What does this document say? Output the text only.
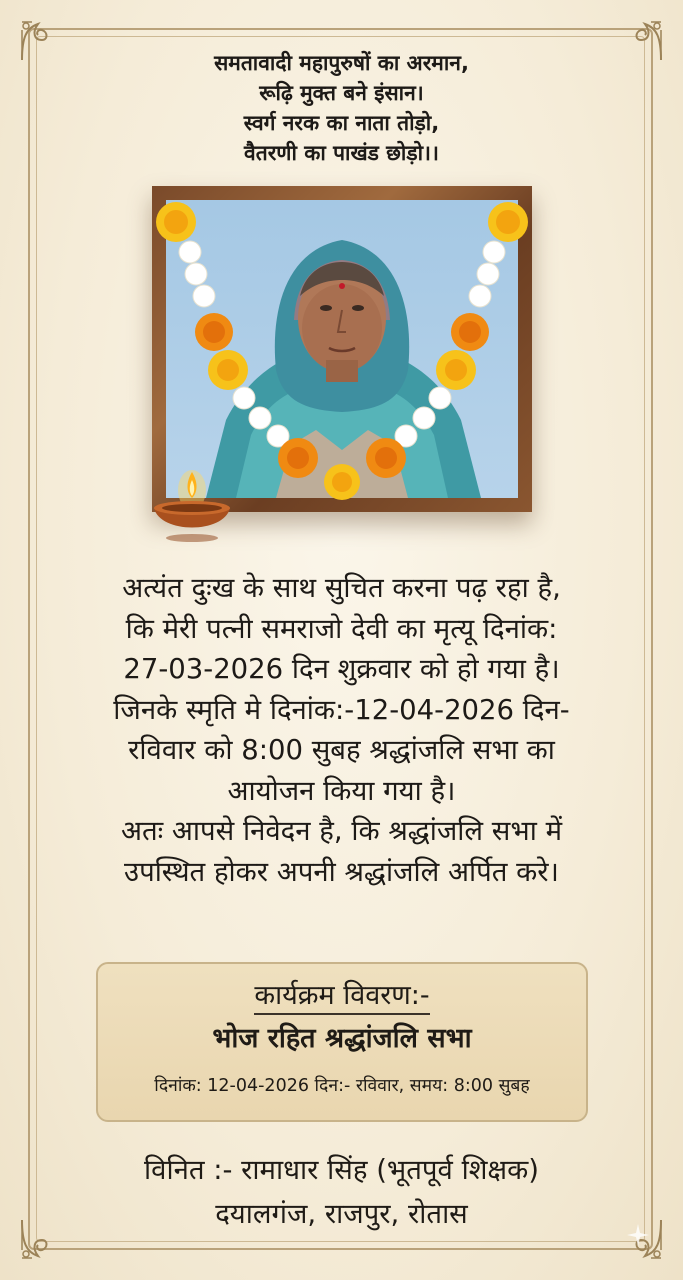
समतावादी महापुरुषों का अरमान,
रूढ़ि मुक्त बने इंसान।
स्वर्ग नरक का नाता तोड़ो,
वैतरणी का पाखंड छोड़ो।।
अत्यंत दुःख के साथ सुचित करना पढ़ रहा है,
कि मेरी पत्नी समराजो देवी का मृत्यू दिनांक:
27-03-2026 दिन शुक्रवार को हो गया है।
जिनके स्मृति मे दिनांक:-12-04-2026 दिन-
रविवार को 8:00 सुबह श्रद्धांजलि सभा का
आयोजन किया गया है।
अतः आपसे निवेदन है, कि श्रद्धांजलि सभा में
उपस्थित होकर अपनी श्रद्धांजलि अर्पित करे।
कार्यक्रम विवरण:-
भोज रहित श्रद्धांजलि सभा
दिनांक: 12-04-2026 दिन:- रविवार, समय: 8:00 सुबह
विनित :- रामाधार सिंह (भूतपूर्व शिक्षक)
दयालगंज, राजपुर, रोतास
